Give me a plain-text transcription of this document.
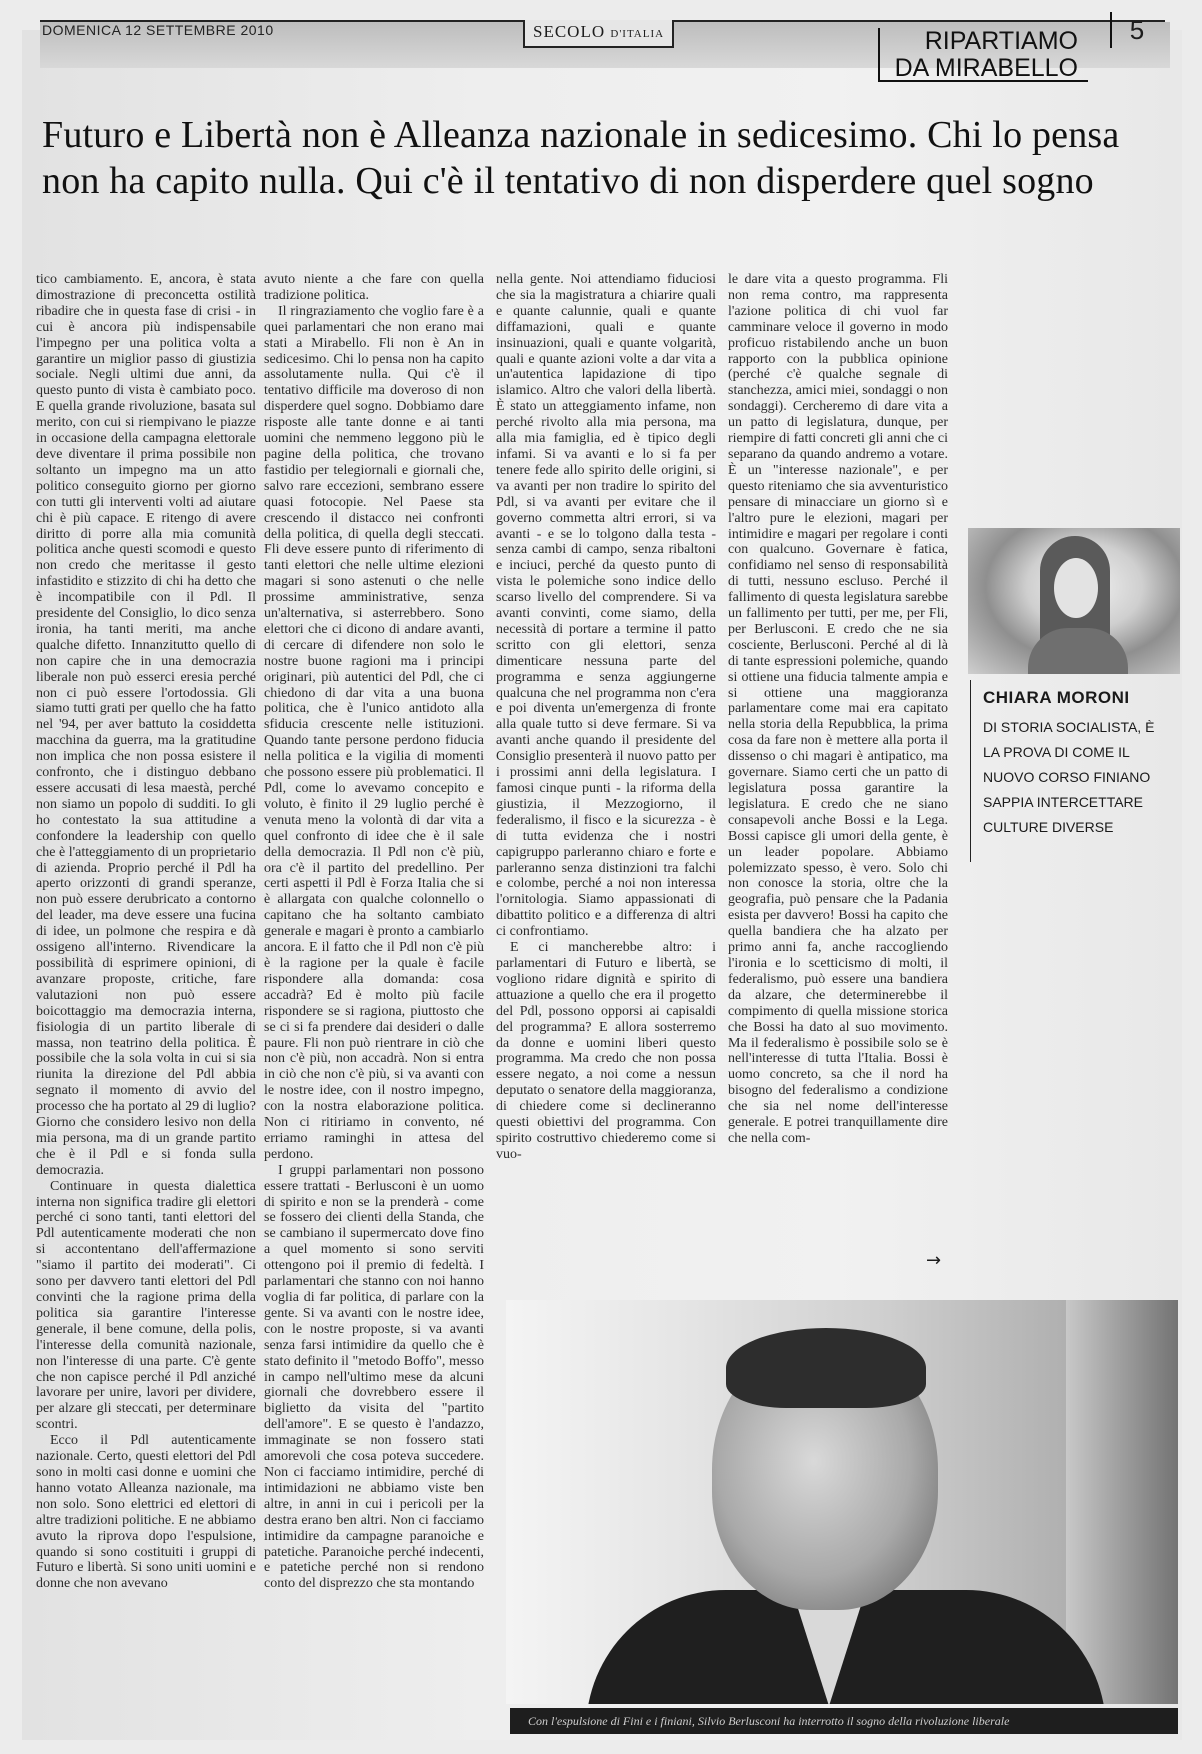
DOMENICA 12 SETTEMBRE 2010	SECOLO D'ITALIA	RIPARTIAMO
DA MIRABELLO
5
Futuro e Libertà non è Alleanza nazionale in sedicesimo. Chi lo pensa non ha capito nulla. Qui c'è il tentativo di non disperdere quel sogno

tico cambiamento. E, ancora, è stata dimostrazione di preconcetta ostilità ribadire che in questa fase di crisi - in cui è ancora più indispensabile l'impegno per una politica volta a garantire un miglior passo di giustizia sociale. Negli ultimi due anni, da questo punto di vista è cambiato poco. E quella grande rivoluzione, basata sul merito, con cui si riempivano le piazze in occasione della campagna elettorale deve diventare il prima possibile non soltanto un impegno ma un atto politico conseguito giorno per giorno con tutti gli interventi volti ad aiutare chi è più capace. E ritengo di avere diritto di porre alla mia comunità politica anche questi scomodi e questo non credo che meritasse il gesto infastidito e stizzito di chi ha detto che è incompatibile con il Pdl. Il presidente del Consiglio, lo dico senza ironia, ha tanti meriti, ma anche qualche difetto. Innanzitutto quello di non capire che in una democrazia liberale non può esserci eresia perché non ci può essere l'ortodossia. Gli siamo tutti grati per quello che ha fatto nel '94, per aver battuto la cosiddetta macchina da guerra, ma la gratitudine non implica che non possa esistere il confronto, che i distinguo debbano essere accusati di lesa maestà, perché non siamo un popolo di sudditi. Io gli ho contestato la sua attitudine a confondere la leadership con quello che è l'atteggiamento di un proprietario di azienda. Proprio perché il Pdl ha aperto orizzonti di grandi speranze, non può essere derubricato a contorno del leader, ma deve essere una fucina di idee, un polmone che respira e dà ossigeno all'interno. Rivendicare la possibilità di esprimere opinioni, di avanzare proposte, critiche, fare valutazioni non può essere boicottaggio ma democrazia interna, fisiologia di un partito liberale di massa, non teatrino della politica. È possibile che la sola volta in cui si sia riunita la direzione del Pdl abbia segnato il momento di avvio del processo che ha portato al 29 di luglio? Giorno che considero lesivo non della mia persona, ma di un grande partito che è il Pdl e si fonda sulla democrazia.

Continuare in questa dialettica interna non significa tradire gli elettori perché ci sono tanti, tanti elettori del Pdl autenticamente moderati che non si accontentano dell'affermazione "siamo il partito dei moderati". Ci sono per davvero tanti elettori del Pdl convinti che la ragione prima della politica sia garantire l'interesse generale, il bene comune, della polis, l'interesse della comunità nazionale, non l'interesse di una parte. C'è gente che non capisce perché il Pdl anziché lavorare per unire, lavori per dividere, per alzare gli steccati, per determinare scontri.

Ecco il Pdl autenticamente nazionale. Certo, questi elettori del Pdl sono in molti casi donne e uomini che hanno votato Alleanza nazionale, ma non solo. Sono elettrici ed elettori di altre tradizioni politiche. E ne abbiamo avuto la riprova dopo l'espulsione, quando si sono costituiti i gruppi di Futuro e libertà. Si sono uniti uomini e donne che non avevano

avuto niente a che fare con quella tradizione politica.

Il ringraziamento che voglio fare è a quei parlamentari che non erano mai stati a Mirabello. Fli non è An in sedicesimo. Chi lo pensa non ha capito assolutamente nulla. Qui c'è il tentativo difficile ma doveroso di non disperdere quel sogno. Dobbiamo dare risposte alle tante donne e ai tanti uomini che nemmeno leggono più le pagine della politica, che trovano fastidio per telegiornali e giornali che, salvo rare eccezioni, sembrano essere quasi fotocopie. Nel Paese sta crescendo il distacco nei confronti della politica, di quella degli steccati. Fli deve essere punto di riferimento di tanti elettori che nelle ultime elezioni magari si sono astenuti o che nelle prossime amministrative, senza un'alternativa, si asterrebbero. Sono elettori che ci dicono di andare avanti, di cercare di difendere non solo le nostre buone ragioni ma i principi originari, più autentici del Pdl, che ci chiedono di dar vita a una buona politica, che è l'unico antidoto alla sfiducia crescente nelle istituzioni. Quando tante persone perdono fiducia nella politica e la vigilia di momenti che possono essere più problematici. Il Pdl, come lo avevamo concepito e voluto, è finito il 29 luglio perché è venuta meno la volontà di dar vita a quel confronto di idee che è il sale della democrazia. Il Pdl non c'è più, ora c'è il partito del predellino. Per certi aspetti il Pdl è Forza Italia che si è allargata con qualche colonnello o capitano che ha soltanto cambiato generale e magari è pronto a cambiarlo ancora. E il fatto che il Pdl non c'è più è la ragione per la quale è facile rispondere alla domanda: cosa accadrà? Ed è molto più facile rispondere se si ragiona, piuttosto che se ci si fa prendere dai desideri o dalle paure. Fli non può rientrare in ciò che non c'è più, non accadrà. Non si entra in ciò che non c'è più, si va avanti con le nostre idee, con il nostro impegno, con la nostra elaborazione politica. Non ci ritiriamo in convento, né erriamo raminghi in attesa del perdono.

I gruppi parlamentari non possono essere trattati - Berlusconi è un uomo di spirito e non se la prenderà - come se fossero dei clienti della Standa, che se cambiano il supermercato dove fino a quel momento si sono serviti ottengono poi il premio di fedeltà. I parlamentari che stanno con noi hanno voglia di far politica, di parlare con la gente. Si va avanti con le nostre idee, con le nostre proposte, si va avanti senza farsi intimidire da quello che è stato definito il "metodo Boffo", messo in campo nell'ultimo mese da alcuni giornali che dovrebbero essere il biglietto da visita del "partito dell'amore". E se questo è l'andazzo, immaginate se non fossero stati amorevoli che cosa poteva succedere. Non ci facciamo intimidire, perché di intimidazioni ne abbiamo viste ben altre, in anni in cui i pericoli per la destra erano ben altri. Non ci facciamo intimidire da campagne paranoiche e patetiche. Paranoiche perché indecenti, e patetiche perché non si rendono conto del disprezzo che sta montando

nella gente. Noi attendiamo fiduciosi che sia la magistratura a chiarire quali e quante calunnie, quali e quante diffamazioni, quali e quante insinuazioni, quali e quante volgarità, quali e quante azioni volte a dar vita a un'autentica lapidazione di tipo islamico. Altro che valori della libertà. È stato un atteggiamento infame, non perché rivolto alla mia persona, ma alla mia famiglia, ed è tipico degli infami. Si va avanti e lo si fa per tenere fede allo spirito delle origini, si va avanti per non tradire lo spirito del Pdl, si va avanti per evitare che il governo commetta altri errori, si va avanti - e se lo tolgono dalla testa - senza cambi di campo, senza ribaltoni e inciuci, perché da questo punto di vista le polemiche sono indice dello scarso livello del comprendere. Si va avanti convinti, come siamo, della necessità di portare a termine il patto scritto con gli elettori, senza dimenticare nessuna parte del programma e senza aggiungerne qualcuna che nel programma non c'era e poi diventa un'emergenza di fronte alla quale tutto si deve fermare. Si va avanti anche quando il presidente del Consiglio presenterà il nuovo patto per i prossimi anni della legislatura. I famosi cinque punti - la riforma della giustizia, il Mezzogiorno, il federalismo, il fisco e la sicurezza - è di tutta evidenza che i nostri capigruppo parleranno chiaro e forte e parleranno senza distinzioni tra falchi e colombe, perché a noi non interessa l'ornitologia. Siamo appassionati di dibattito politico e a differenza di altri ci confrontiamo.

E ci mancherebbe altro: i parlamentari di Futuro e libertà, se vogliono ridare dignità e spirito di attuazione a quello che era il progetto del Pdl, possono opporsi ai capisaldi del programma? E allora sosterremo da donne e uomini liberi questo programma. Ma credo che non possa essere negato, a noi come a nessun deputato o senatore della maggioranza, di chiedere come si declineranno questi obiettivi del programma. Con spirito costruttivo chiederemo come si vuo-

le dare vita a questo programma. Fli non rema contro, ma rappresenta l'azione politica di chi vuol far camminare veloce il governo in modo proficuo ristabilendo anche un buon rapporto con la pubblica opinione (perché c'è qualche segnale di stanchezza, amici miei, sondaggi o non sondaggi). Cercheremo di dare vita a un patto di legislatura, dunque, per riempire di fatti concreti gli anni che ci separano da quando andremo a votare. È un "interesse nazionale", e per questo riteniamo che sia avventuristico pensare di minacciare un giorno sì e l'altro pure le elezioni, magari per intimidire e magari per regolare i conti con qualcuno. Governare è fatica, confidiamo nel senso di responsabilità di tutti, nessuno escluso. Perché il fallimento di questa legislatura sarebbe un fallimento per tutti, per me, per Fli, per Berlusconi. E credo che ne sia cosciente, Berlusconi. Perché al di là di tante espressioni polemiche, quando si ottiene una fiducia talmente ampia e si ottiene una maggioranza parlamentare come mai era capitato nella storia della Repubblica, la prima cosa da fare non è mettere alla porta il dissenso o chi magari è antipatico, ma governare. Siamo certi che un patto di legislatura possa garantire la legislatura. E credo che ne siano consapevoli anche Bossi e la Lega. Bossi capisce gli umori della gente, è un leader popolare. Abbiamo polemizzato spesso, è vero. Solo chi non conosce la storia, oltre che la geografia, può pensare che la Padania esista per davvero! Bossi ha capito che quella bandiera che ha alzato per primo anni fa, anche raccogliendo l'ironia e lo scetticismo di molti, il federalismo, può essere una bandiera da alzare, che determinerebbe il compimento di quella missione storica che Bossi ha dato al suo movimento. Ma il federalismo è possibile solo se è nell'interesse di tutta l'Italia. Bossi è uomo concreto, sa che il nord ha bisogno del federalismo a condizione che sia nel nome dell'interesse generale. E potrei tranquillamente dire che nella com-

→
CHIARA MORONI
DI STORIA SOCIALISTA, È LA PROVA DI COME IL NUOVO CORSO FINIANO SAPPIA INTERCETTARE CULTURE DIVERSE
Con l'espulsione di Fini e i finiani, Silvio Berlusconi ha interrotto il sogno della rivoluzione liberale
